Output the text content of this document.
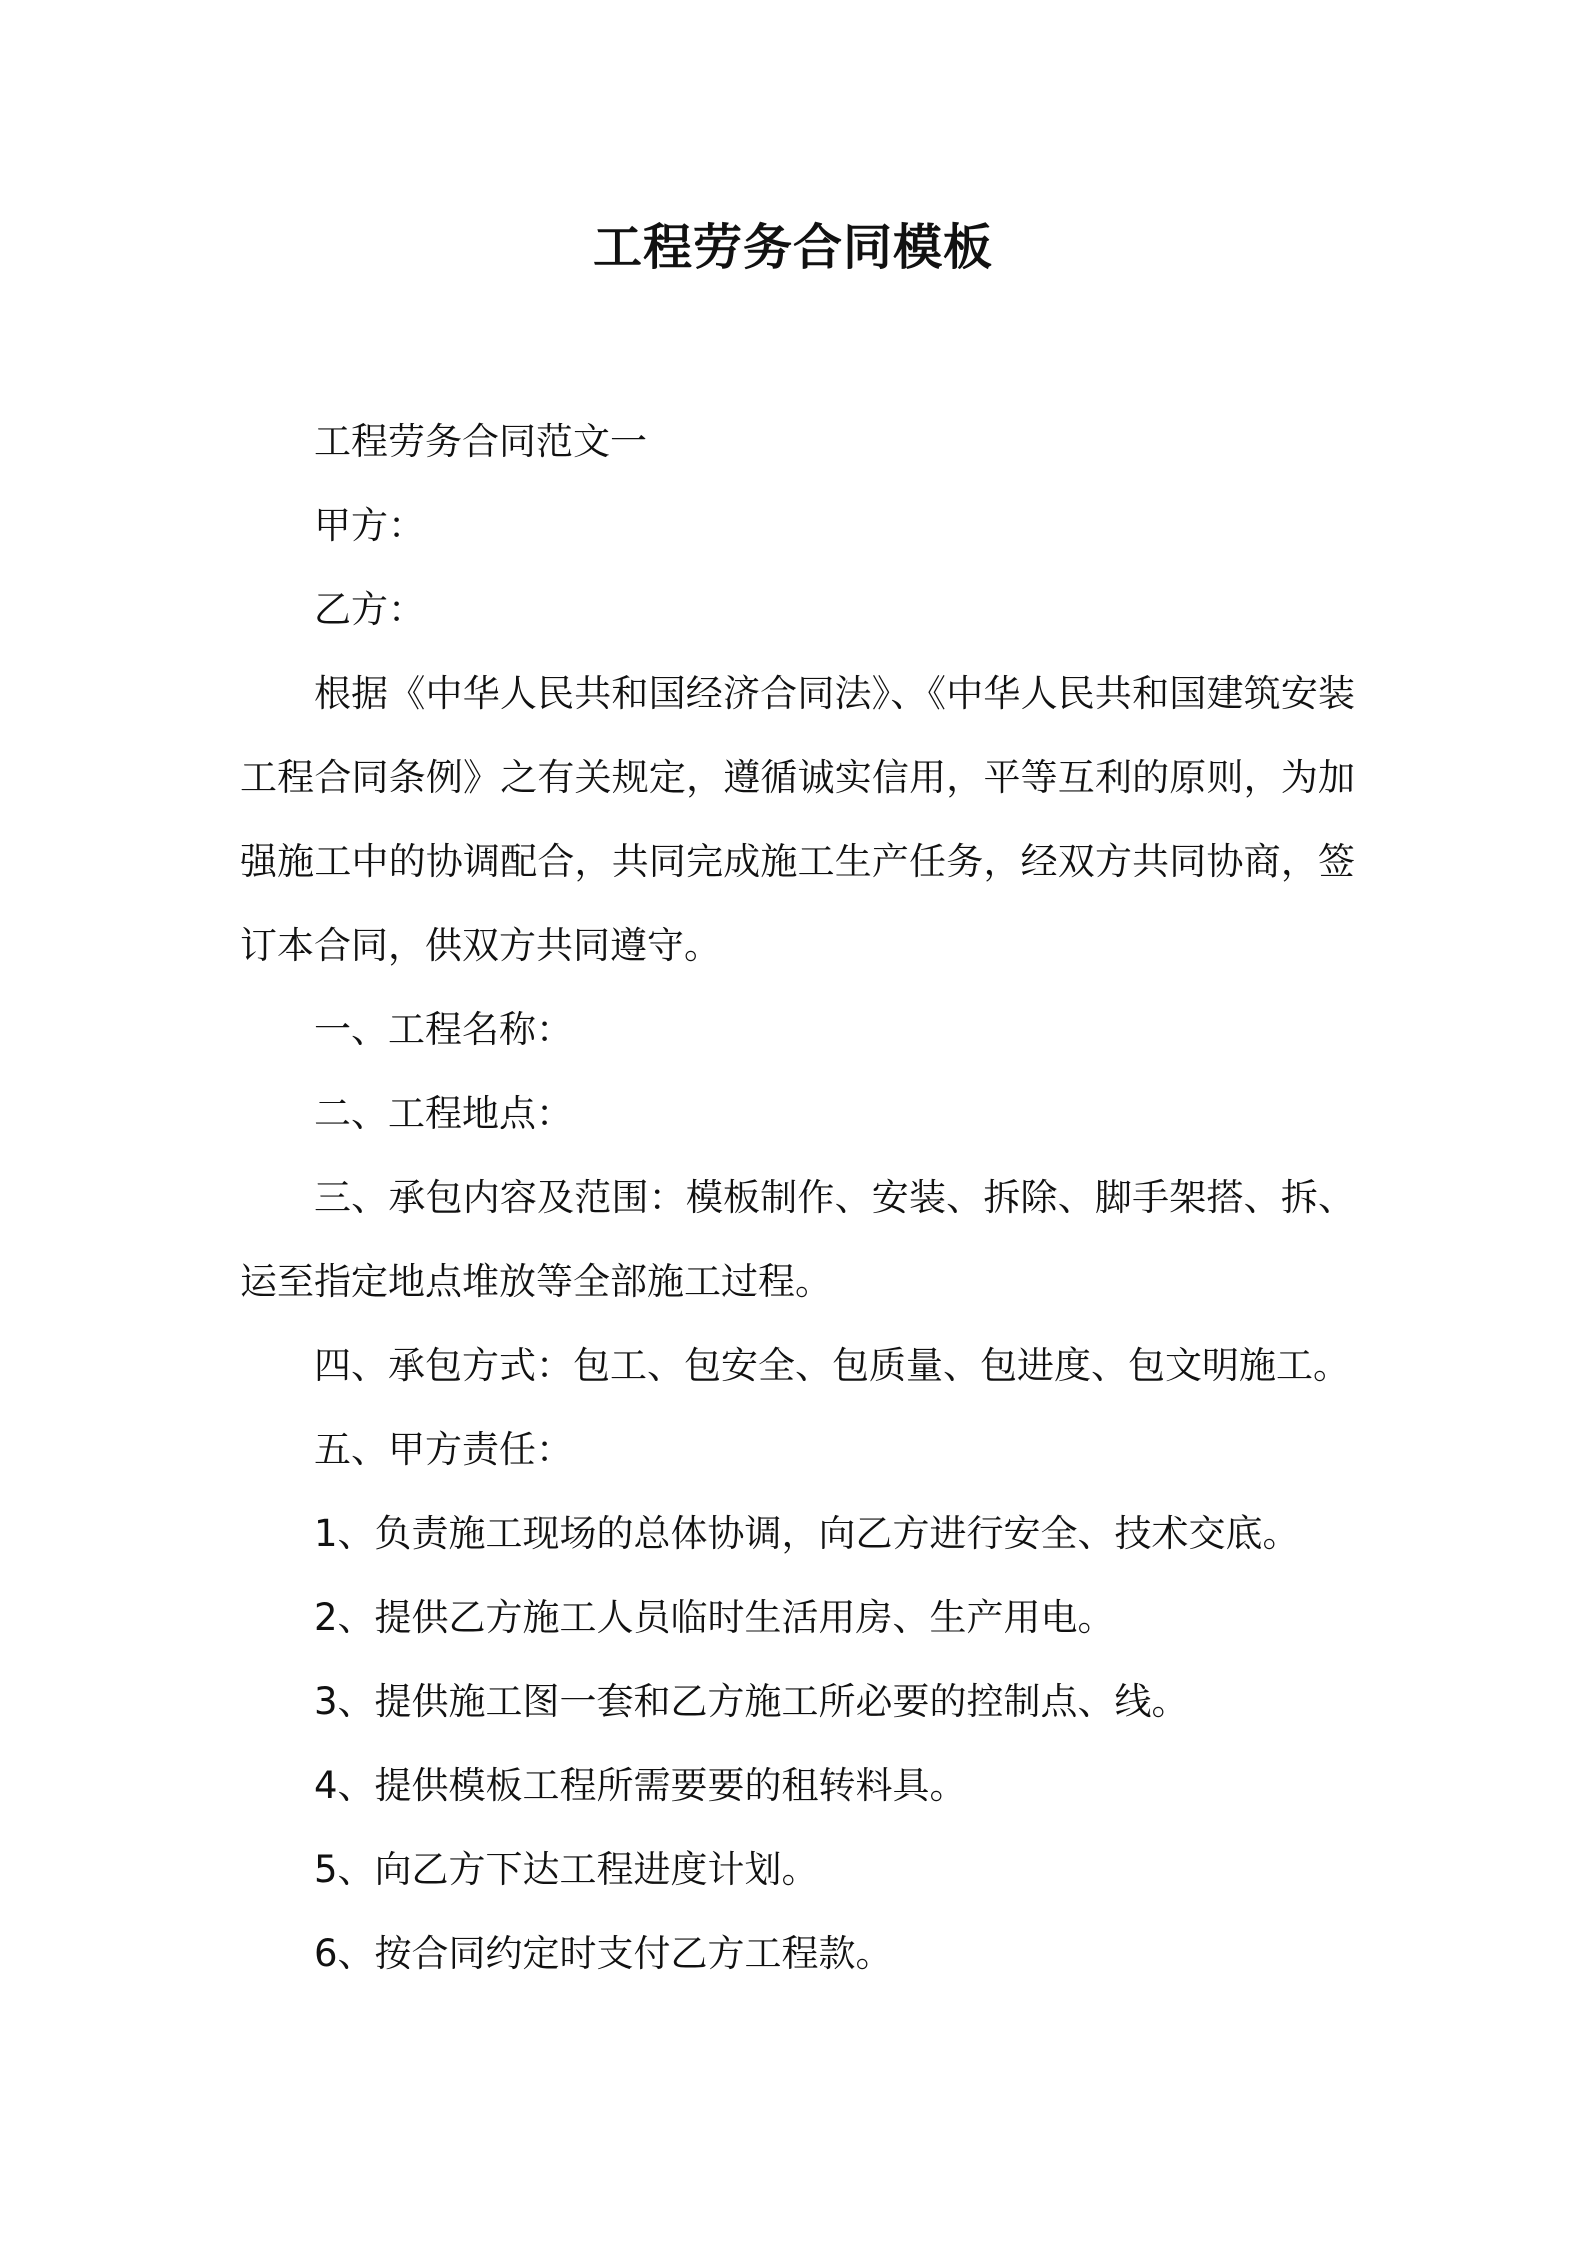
工程劳务合同模板

工程劳务合同范文一

甲方：

乙方：

根据《中华人民共和国经济合同法》、《中华人民共和国建筑安装工程合同条例》之有关规定，遵循诚实信用，平等互利的原则，为加强施工中的协调配合，共同完成施工生产任务，经双方共同协商，签订本合同，供双方共同遵守。

一、工程名称：

二、工程地点：

三、承包内容及范围：模板制作、安装、拆除、脚手架搭、拆、运至指定地点堆放等全部施工过程。

四、承包方式：包工、包安全、包质量、包进度、包文明施工。

五、甲方责任：

1、负责施工现场的总体协调，向乙方进行安全、技术交底。

2、提供乙方施工人员临时生活用房、生产用电。

3、提供施工图一套和乙方施工所必要的控制点、线。

4、提供模板工程所需要要的租转料具。

5、向乙方下达工程进度计划。

6、按合同约定时支付乙方工程款。
